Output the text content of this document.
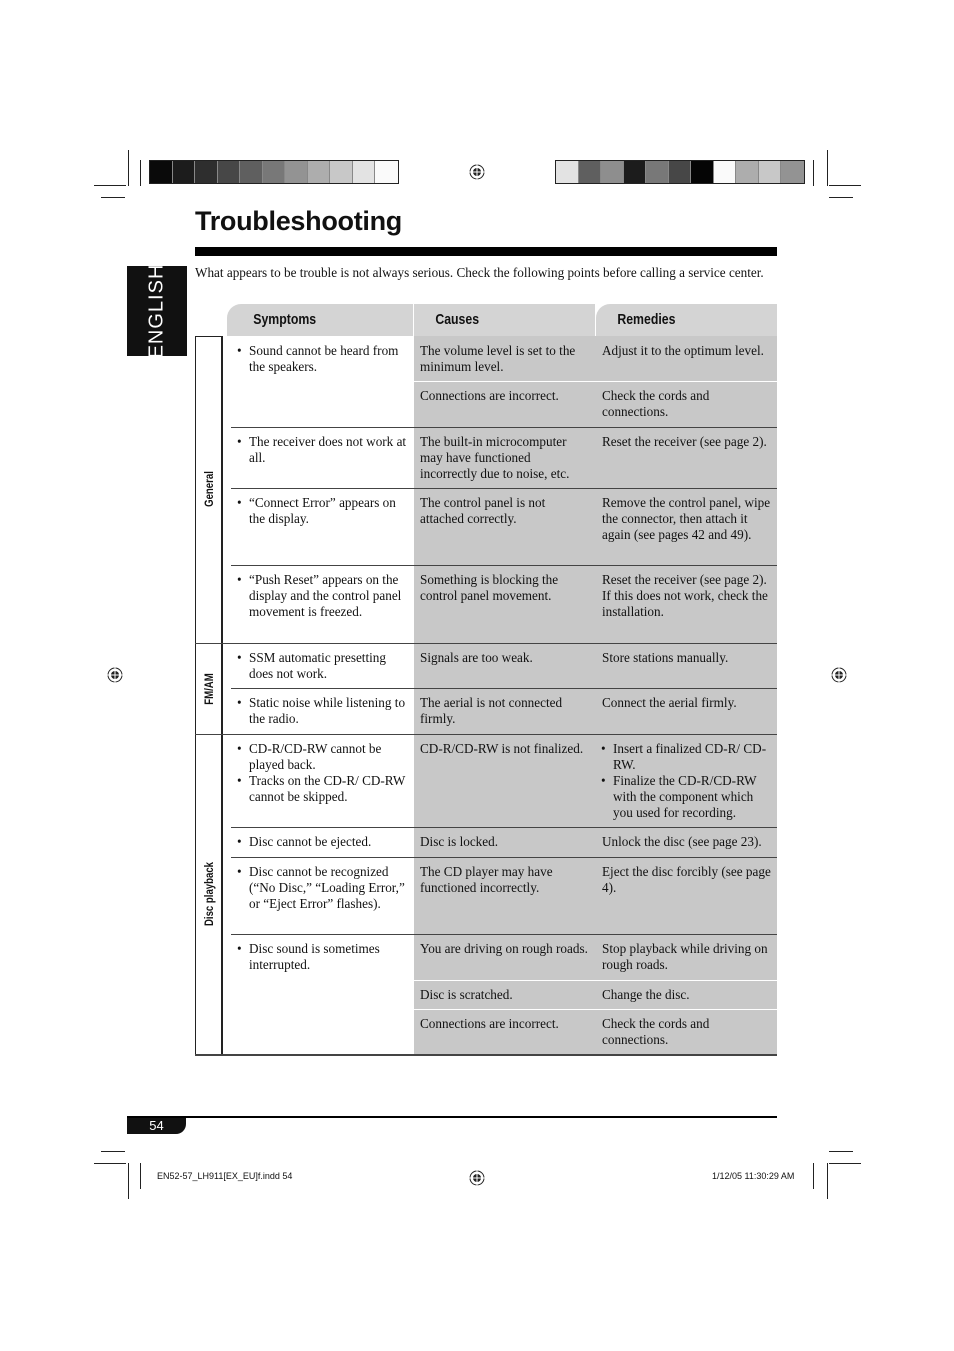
Troubleshooting
ENGLISH What appears to be trouble is not always serious. Check the following points before calling a service center.
Symptoms	Causes	Remedies
General
FM/AM
Disc playback
• Sound cannot be heard from the speakers.
The volume level is set to the minimum level.
Adjust it to the optimum level.
Connections are incorrect.	Check the cords and connections.
• The receiver does not work at all.
The built-in microcomputer may have functioned incorrectly due to noise, etc.
Reset the receiver (see page 2).
• “Connect Error” appears on the display.
The control panel is not attached correctly.
Remove the control panel, wipe the connector, then attach it again (see pages 42 and 49).
• “Push Reset” appears on the display and the control panel movement is freezed.
Something is blocking the control panel movement.
Reset the receiver (see page 2). If this does not work, check the installation.
• SSM automatic presetting does not work.
Signals are too weak.	Store stations manually.
• Static noise while listening to the radio.
The aerial is not connected firmly.
Connect the aerial firmly.
• CD-R/CD-RW cannot be played back.
• Tracks on the CD-R/ CD-RW cannot be skipped.
CD-R/CD-RW is not finalized.
•	Insert a finalized CD-R/ CD-RW.
• Finalize the CD-R/CD-RW with the component which you used for recording.
• Disc cannot be ejected.	Disc is locked.	Unlock the disc (see page 23).
• Disc cannot be recognized (“No Disc,” “Loading Error,” or “Eject Error” flashes).
The CD player may have functioned incorrectly.
Eject the disc forcibly (see page 4).
• Disc sound is sometimes interrupted.
You are driving on rough roads.	Stop playback while driving on rough roads.
Disc is scratched.	Change the disc.
Connections are incorrect.	Check the cords and connections.
54
EN52-57_LH911[EX_EU]f.indd 54	1/12/05 11:30:29 AM
